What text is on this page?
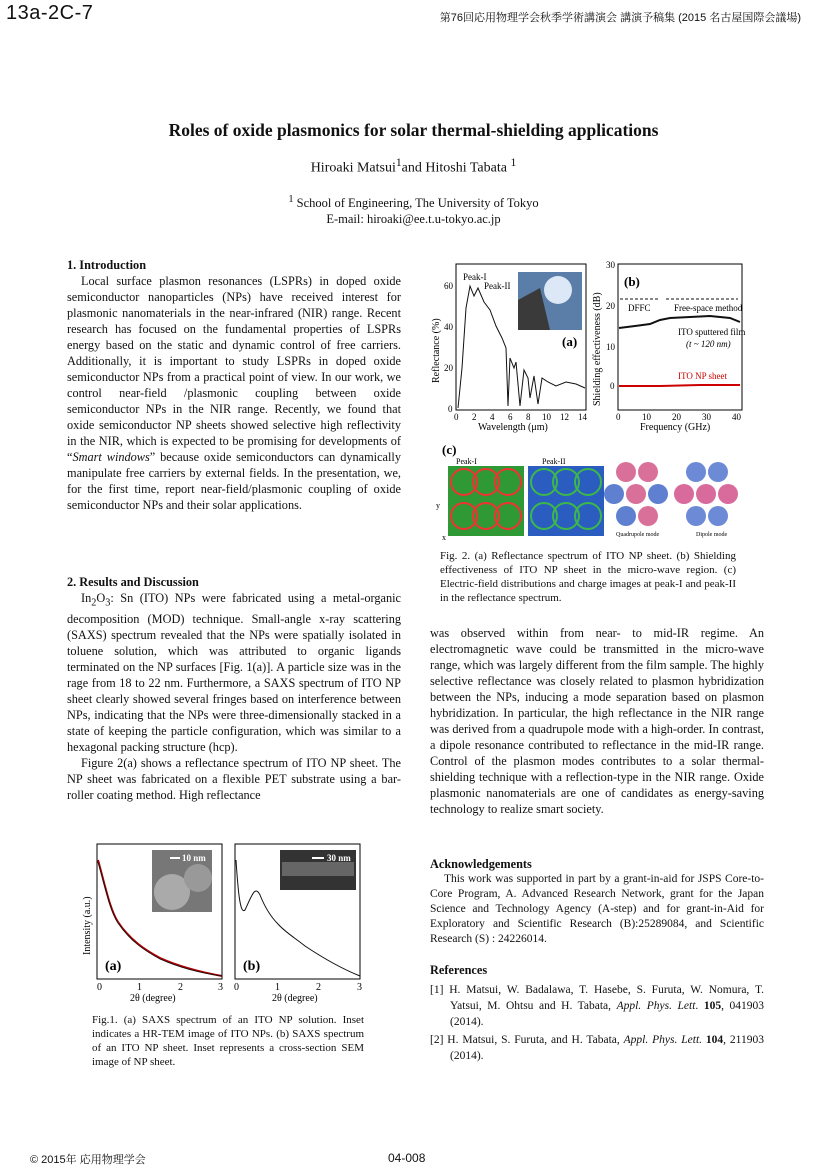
13a-2C-7	第76回応用物理学会秋季学術講演会 講演予稿集 (2015 名古屋国際会議場)
Roles of oxide plasmonics for solar thermal-shielding applications
Hiroaki Matsui$^1$and Hitoshi Tabata $^1$
$^1$ School of Engineering, The University of Tokyo
E-mail: hiroaki@ee.t.u-tokyo.ac.jp
1. Introduction

Local surface plasmon resonances (LSPRs) in doped oxide semiconductor nanoparticles (NPs) have received interest for plasmonic nanomaterials in the near-infrared (NIR) range. Recent research has focused on the fundamental properties of LSPRs energy based on the static and dynamic control of free carriers. Additionally, it is important to study LSPRs in doped oxide semiconductor NPs from a practical point of view. In our work, we control near-field /plasmonic coupling between oxide semiconductor NPs in the NIR range. Recently, we found that oxide semiconductor NP sheets showed selective high reflectivity in the NIR, which is expected to be promising for developments of “Smart windows” because oxide semiconductors can dynamically manipulate free carriers by external fields. In the presentation, we, for the first time, report near-field/plasmonic coupling of oxide semiconductor NPs and their solar applications.

2. Results and Discussion

$In_2O_3$: Sn (ITO) NPs were fabricated using a metal-organic decomposition (MOD) technique. Small-angle x-ray scattering (SAXS) spectrum revealed that the NPs were spatially isolated in toluene solution, which was attributed to organic ligands terminated on the NP surfaces [Fig. 1(a)]. A particle size was in the rage from 18 to 22 nm. Furthermore, a SAXS spectrum of ITO NP sheet clearly showed several fringes based on interference between NPs, indicating that the NPs were three-dimensionally stacked in a state of keeping the particle configuration, which was similar to a hexagonal packing structure (hcp).

Figure 2(a) shows a reflectance spectrum of ITO NP sheet. The NP sheet was fabricated on a flexible PET substrate using a bar-roller coating method. High reflectance

10 nm
(a)
0	1	2	3
2θ (degree)
Intensity (a.u.)
30 nm
(b)
0	1	2	3
2θ (degree)
Fig.1. (a) SAXS spectrum of an ITO NP solution. Inset indicates a HR-TEM image of ITO NPs. (b) SAXS spectrum of an ITO NP sheet. Inset represents a cross-section SEM image of NP sheet.
Peak-I
Peak-II
(a)
0
20
40
60
0 2 4 6 8 10 12 14
Wavelength (μm)
Reflectance (%)
(b)
DFFC	Free-space method
ITO sputtered film
(t ~ 120 nm)
ITO NP sheet
0
10
20
30
0 10 20 30 40
Frequency (GHz)
Shielding effectiveness (dB)
(c)
Peak-I	Peak-II
y
x	Quadrupole mode	Dipole mode
Fig. 2. (a) Reflectance spectrum of ITO NP sheet. (b) Shielding effectiveness of ITO NP sheet in the micro-wave region. (c) Electric-field distributions and charge images at peak-I and peak-II in the reflectance spectrum.

was observed within from near- to mid-IR regime. An electromagnetic wave could be transmitted in the micro-wave range, which was largely different from the film sample. The highly selective reflectance was closely related to plasmon hybridization between the NPs, inducing a mode separation based on plasmon hybridization. In particular, the high reflectance in the NIR range was derived from a quadrupole mode with a high-order. In contrast, a dipole resonance contributed to reflectance in the mid-IR range. Control of the plasmon modes contributes to a solar thermal-shielding technique with a reflection-type in the NIR range. Oxide plasmonic nanomaterials are one of candidates as energy-saving technology to realize smart society.

Acknowledgements

This work was supported in part by a grant-in-aid for JSPS Core-to-Core Program, A. Advanced Research Network, grant for the Japan Science and Technology Agency (A-step) and for grant-in-Aid for Exploratory and Scientific Research (B):25289084, and Scientific Research (S) : 24226014.

References
[1] H. Matsui, W. Badalawa, T. Hasebe, S. Furuta, W. Nomura, T. Yatsui, M. Ohtsu and H. Tabata, Appl. Phys. Lett. 105, 041903 (2014).
[2] H. Matsui, S. Furuta, and H. Tabata, Appl. Phys. Lett. 104, 211903 (2014).
© 2015年 応用物理学会	04-008
